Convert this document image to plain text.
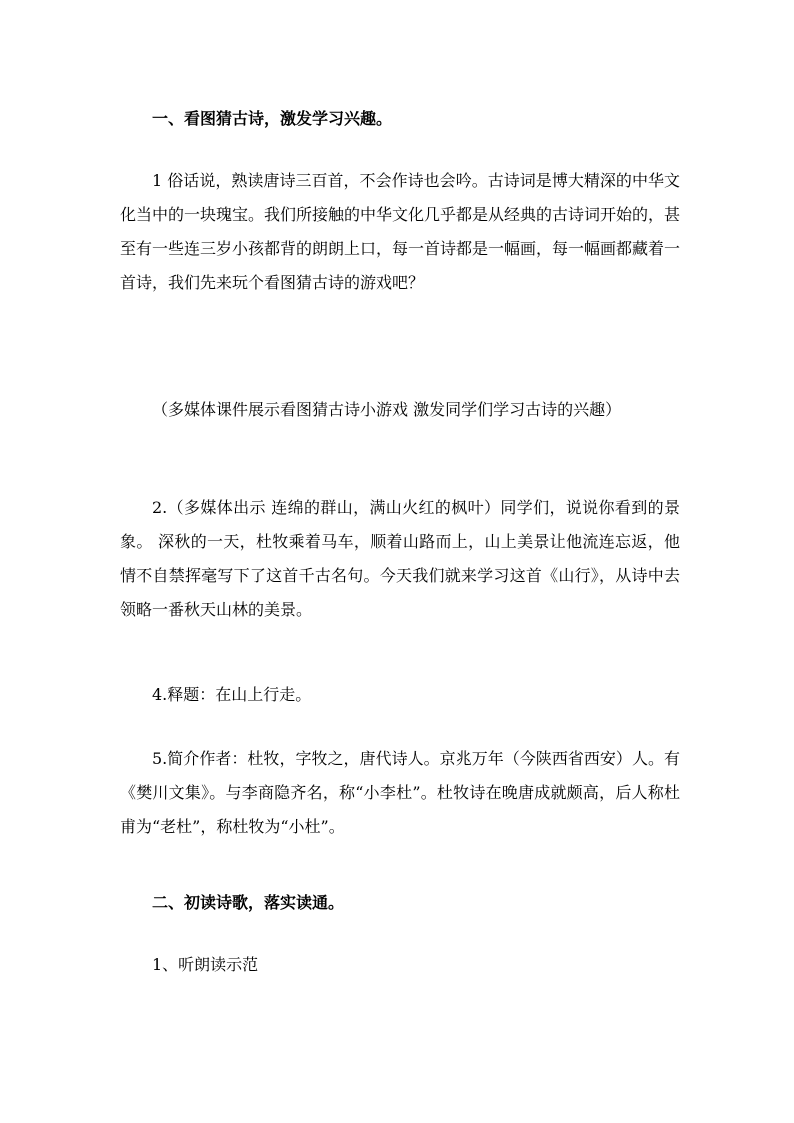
一、看图猜古诗，激发学习兴趣。
1 俗话说，熟读唐诗三百首，不会作诗也会吟。古诗词是博大精深的中华文化当中的一块瑰宝。我们所接触的中华文化几乎都是从经典的古诗词开始的，甚至有一些连三岁小孩都背的朗朗上口，每一首诗都是一幅画，每一幅画都藏着一首诗，我们先来玩个看图猜古诗的游戏吧？
（多媒体课件展示看图猜古诗小游戏 激发同学们学习古诗的兴趣）
2.（多媒体出示 连绵的群山，满山火红的枫叶）同学们，说说你看到的景象。 深秋的一天，杜牧乘着马车，顺着山路而上，山上美景让他流连忘返，他情不自禁挥毫写下了这首千古名句。今天我们就来学习这首《山行》，从诗中去领略一番秋天山林的美景。
4.释题：在山上行走。
5.简介作者：杜牧，字牧之，唐代诗人。京兆万年（今陕西省西安）人。有《樊川文集》。与李商隐齐名，称“小李杜”。杜牧诗在晚唐成就颇高，后人称杜甫为“老杜”，称杜牧为“小杜”。
二、初读诗歌，落实读通。
1、听朗读示范
